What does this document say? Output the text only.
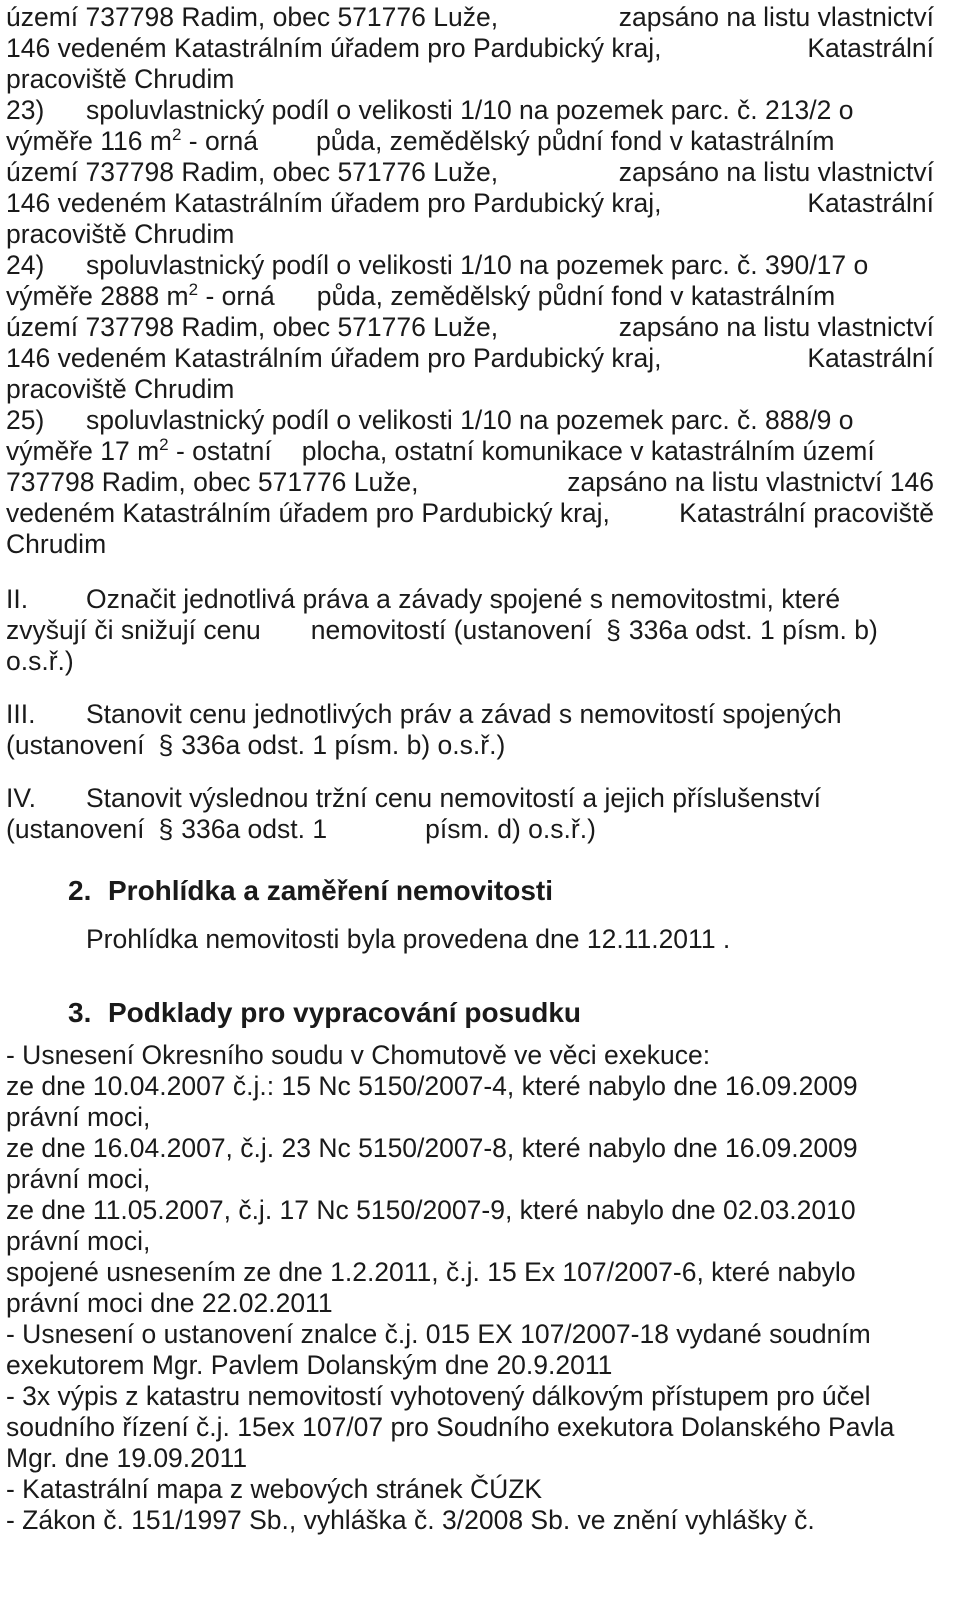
území 737798 Radim, obec 571776 Luže,	zapsáno na listu vlastnictví
146 vedeném Katastrálním úřadem pro Pardubický kraj,	Katastrální
pracoviště Chrudim
23) spoluvlastnický podíl o velikosti 1/10 na pozemek parc. č. 213/2 o
výměře 116 $m^2$ - orná půda, zemědělský půdní fond v katastrálním
území 737798 Radim, obec 571776 Luže,	zapsáno na listu vlastnictví
146 vedeném Katastrálním úřadem pro Pardubický kraj,	Katastrální
pracoviště Chrudim
24) spoluvlastnický podíl o velikosti 1/10 na pozemek parc. č. 390/17 o
výměře 2888 $m^2$ - orná půda, zemědělský půdní fond v katastrálním
území 737798 Radim, obec 571776 Luže,	zapsáno na listu vlastnictví
146 vedeném Katastrálním úřadem pro Pardubický kraj,	Katastrální
pracoviště Chrudim
25) spoluvlastnický podíl o velikosti 1/10 na pozemek parc. č. 888/9 o
výměře 17 $m^2$ - ostatní plocha, ostatní komunikace v katastrálním území
737798 Radim, obec 571776 Luže,	zapsáno na listu vlastnictví 146
vedeném Katastrálním úřadem pro Pardubický kraj,	Katastrální pracoviště
Chrudim
II. Označit jednotlivá práva a závady spojené s nemovitostmi, které
zvyšují či snižují cenu nemovitostí (ustanovení § 336a odst. 1 písm. b)
o.s.ř.)
III. Stanovit cenu jednotlivých práv a závad s nemovitostí spojených
(ustanovení § 336a odst. 1 písm. b) o.s.ř.)
IV. Stanovit výslednou tržní cenu nemovitostí a jejich příslušenství
(ustanovení § 336a odst. 1	písm. d) o.s.ř.)
2. Prohlídka a zaměření nemovitosti
Prohlídka nemovitosti byla provedena dne 12.11.2011 .
3. Podklady pro vypracování posudku
- Usnesení Okresního soudu v Chomutově ve věci exekuce:
ze dne 10.04.2007 č.j.: 15 Nc 5150/2007-4, které nabylo dne 16.09.2009
právní moci,
ze dne 16.04.2007, č.j. 23 Nc 5150/2007-8, které nabylo dne 16.09.2009
právní moci,
ze dne 11.05.2007, č.j. 17 Nc 5150/2007-9, které nabylo dne 02.03.2010
právní moci,
spojené usnesením ze dne 1.2.2011, č.j. 15 Ex 107/2007-6, které nabylo
právní moci dne 22.02.2011
- Usnesení o ustanovení znalce č.j. 015 EX 107/2007-18 vydané soudním
exekutorem Mgr. Pavlem Dolanským dne 20.9.2011
- 3x výpis z katastru nemovitostí vyhotovený dálkovým přístupem pro účel
soudního řízení č.j. 15ex 107/07 pro Soudního exekutora Dolanského Pavla
Mgr. dne 19.09.2011
- Katastrální mapa z webových stránek ČÚZK
- Zákon č. 151/1997 Sb., vyhláška č. 3/2008 Sb. ve znění vyhlášky č.
